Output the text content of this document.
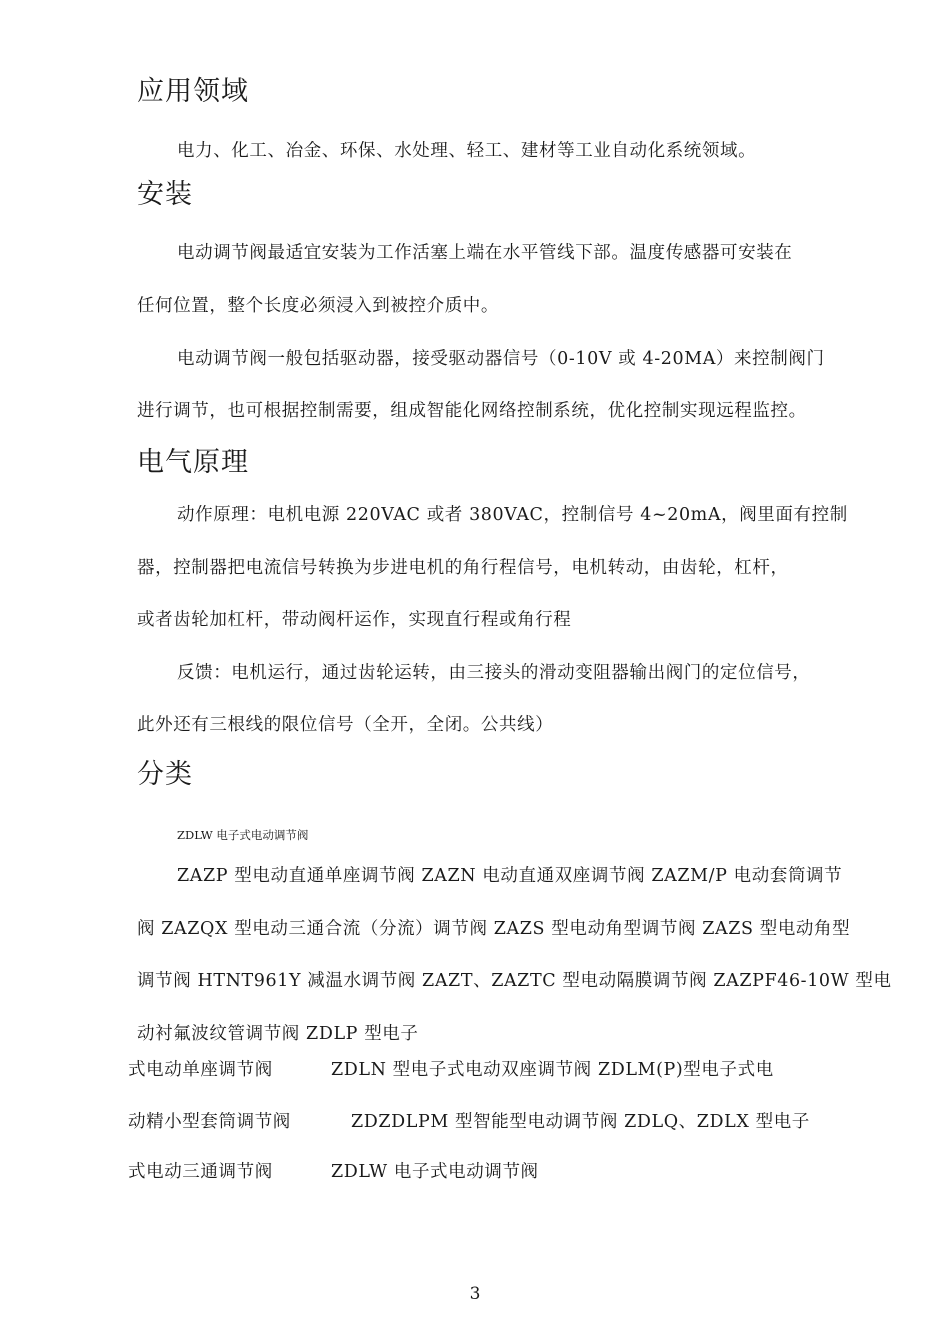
应用领域

电力、化工、冶金、环保、水处理、轻工、建材等工业自动化系统领域。

安装

电动调节阀最适宜安装为工作活塞上端在水平管线下部。温度传感器可安装在

任何位置，整个长度必须浸入到被控介质中。

电动调节阀一般包括驱动器，接受驱动器信号（0-10V 或 4-20MA）来控制阀门

进行调节，也可根据控制需要，组成智能化网络控制系统，优化控制实现远程监控。

电气原理

动作原理：电机电源 220VAC 或者 380VAC，控制信号 4~20mA，阀里面有控制

器，控制器把电流信号转换为步进电机的角行程信号，电机转动，由齿轮，杠杆，

或者齿轮加杠杆，带动阀杆运作，实现直行程或角行程

反馈：电机运行，通过齿轮运转，由三接头的滑动变阻器输出阀门的定位信号，

此外还有三根线的限位信号（全开，全闭。公共线）

分类

ZDLW 电子式电动调节阀

ZAZP 型电动直通单座调节阀 ZAZN 电动直通双座调节阀 ZAZM/P 电动套筒调节

阀 ZAZQX 型电动三通合流（分流）调节阀 ZAZS 型电动角型调节阀 ZAZS 型电动角型

调节阀 HTNT961Y 减温水调节阀 ZAZT、ZAZTC 型电动隔膜调节阀 ZAZPF46-10W 型电

动衬氟波纹管调节阀 ZDLP 型电子

式电动单座调节阀	ZDLN 型电子式电动双座调节阀 ZDLM(P)型电子式电

动精小型套筒调节阀	ZDZDLPM 型智能型电动调节阀 ZDLQ、ZDLX 型电子

式电动三通调节阀	ZDLW 电子式电动调节阀

3
